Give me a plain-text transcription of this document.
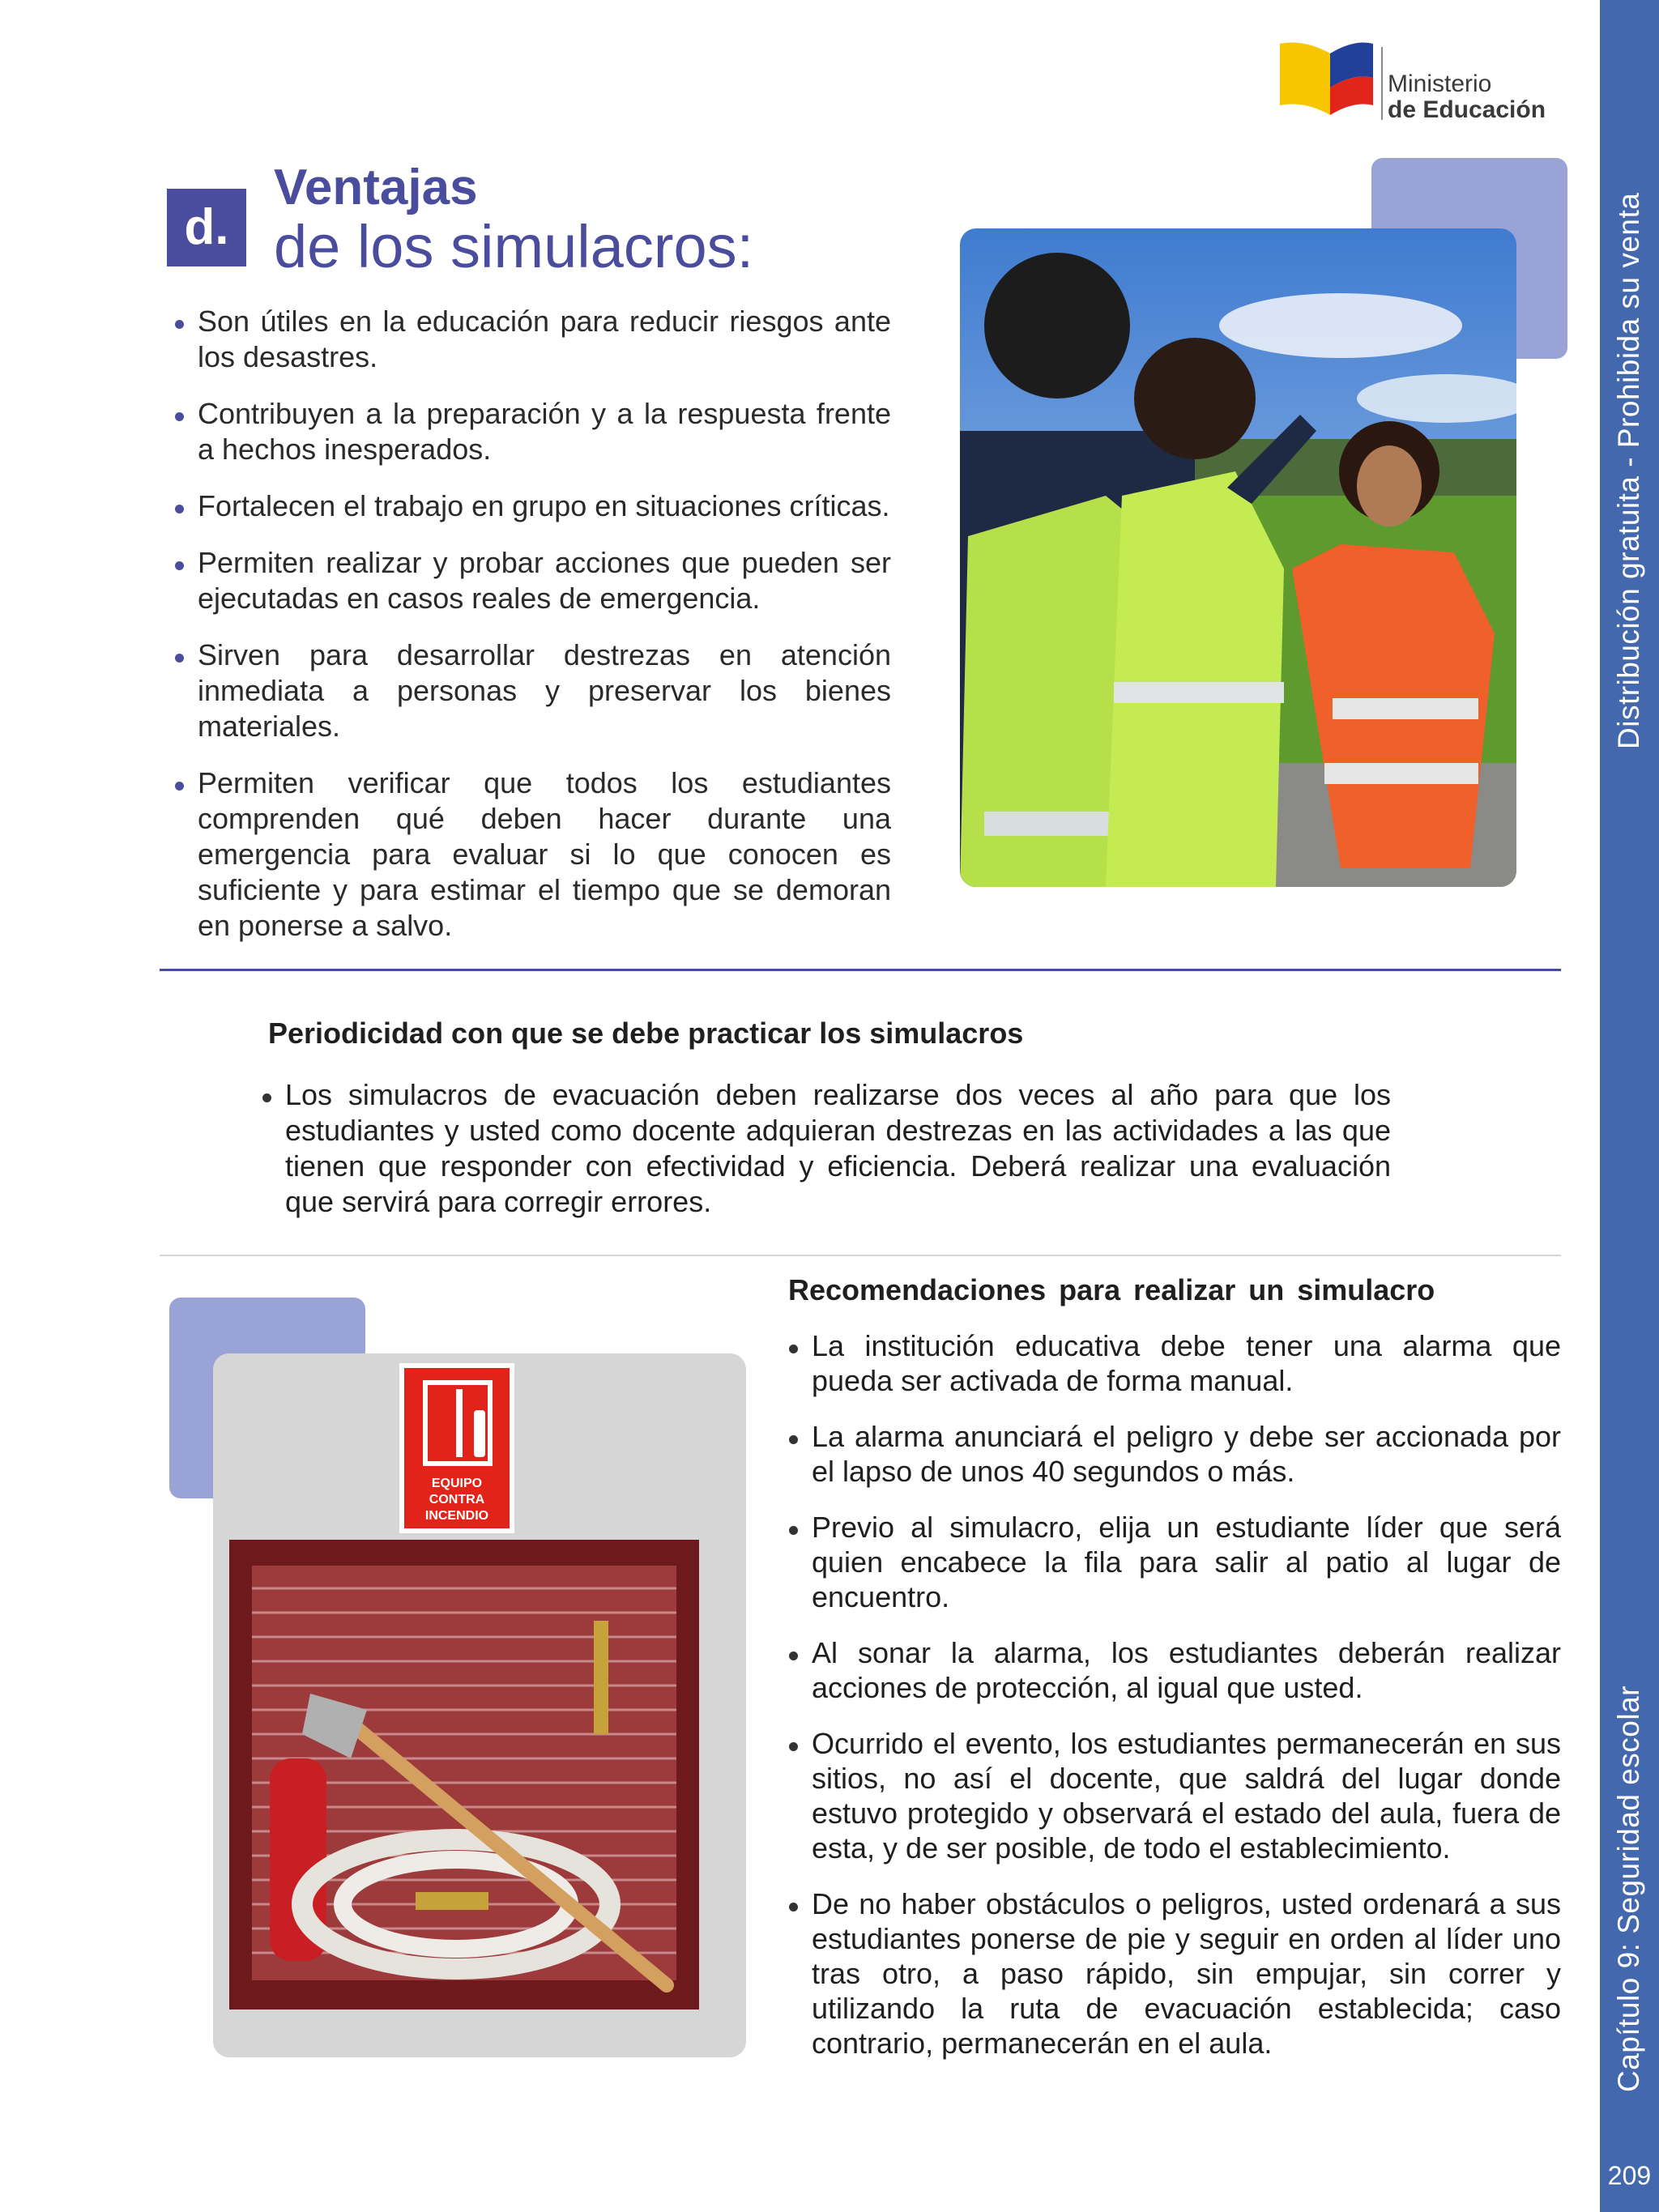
Distribución gratuita - Prohibida su venta
Capítulo 9: Seguridad escolar
209
Ministerio
de Educación
d.
Ventajas
de los simulacros:
Son útiles en la educación para reducir riesgos ante los desastres.
Contribuyen a la preparación y a la respuesta frente a hechos inesperados.
Fortalecen el trabajo en grupo en situaciones críticas.
Permiten realizar y probar acciones que pueden ser ejecutadas en casos reales de emergencia.
Sirven para desarrollar destrezas en atención inmediata a personas y preservar los bienes materiales.
Permiten verificar que todos los estudiantes comprenden qué deben hacer durante una emergencia para evaluar si lo que conocen es suficiente y para estimar el tiempo que se demoran en ponerse a salvo.
Periodicidad con que se debe practicar los simulacros
Los simulacros de evacuación deben realizarse dos veces al año para que los estudiantes y usted como docente adquieran destrezas en las actividades a las que tienen que responder con efectividad y eficiencia. Deberá realizar una evaluación que servirá para corregir errores.
EQUIPO
CONTRA
INCENDIO
Recomendaciones para realizar un simulacro
La institución educativa debe tener una alarma que pueda ser activada de forma manual.
La alarma anunciará el peligro y debe ser accionada por el lapso de unos 40 segundos o más.
Previo al simulacro, elija un estudiante líder que será quien encabece la fila para salir al patio al lugar de encuentro.
Al sonar la alarma, los estudiantes deberán realizar acciones de protección, al igual que usted.
Ocurrido el evento, los estudiantes permanecerán en sus sitios, no así el docente, que saldrá del lugar donde estuvo protegido y observará el estado del aula, fuera de esta, y de ser posible, de todo el establecimiento.
De no haber obstáculos o peligros, usted ordenará a sus estudiantes ponerse de pie y seguir en orden al líder uno tras otro, a paso rápido, sin empujar, sin correr y utilizando la ruta de evacuación establecida; caso contrario, permanecerán en el aula.
